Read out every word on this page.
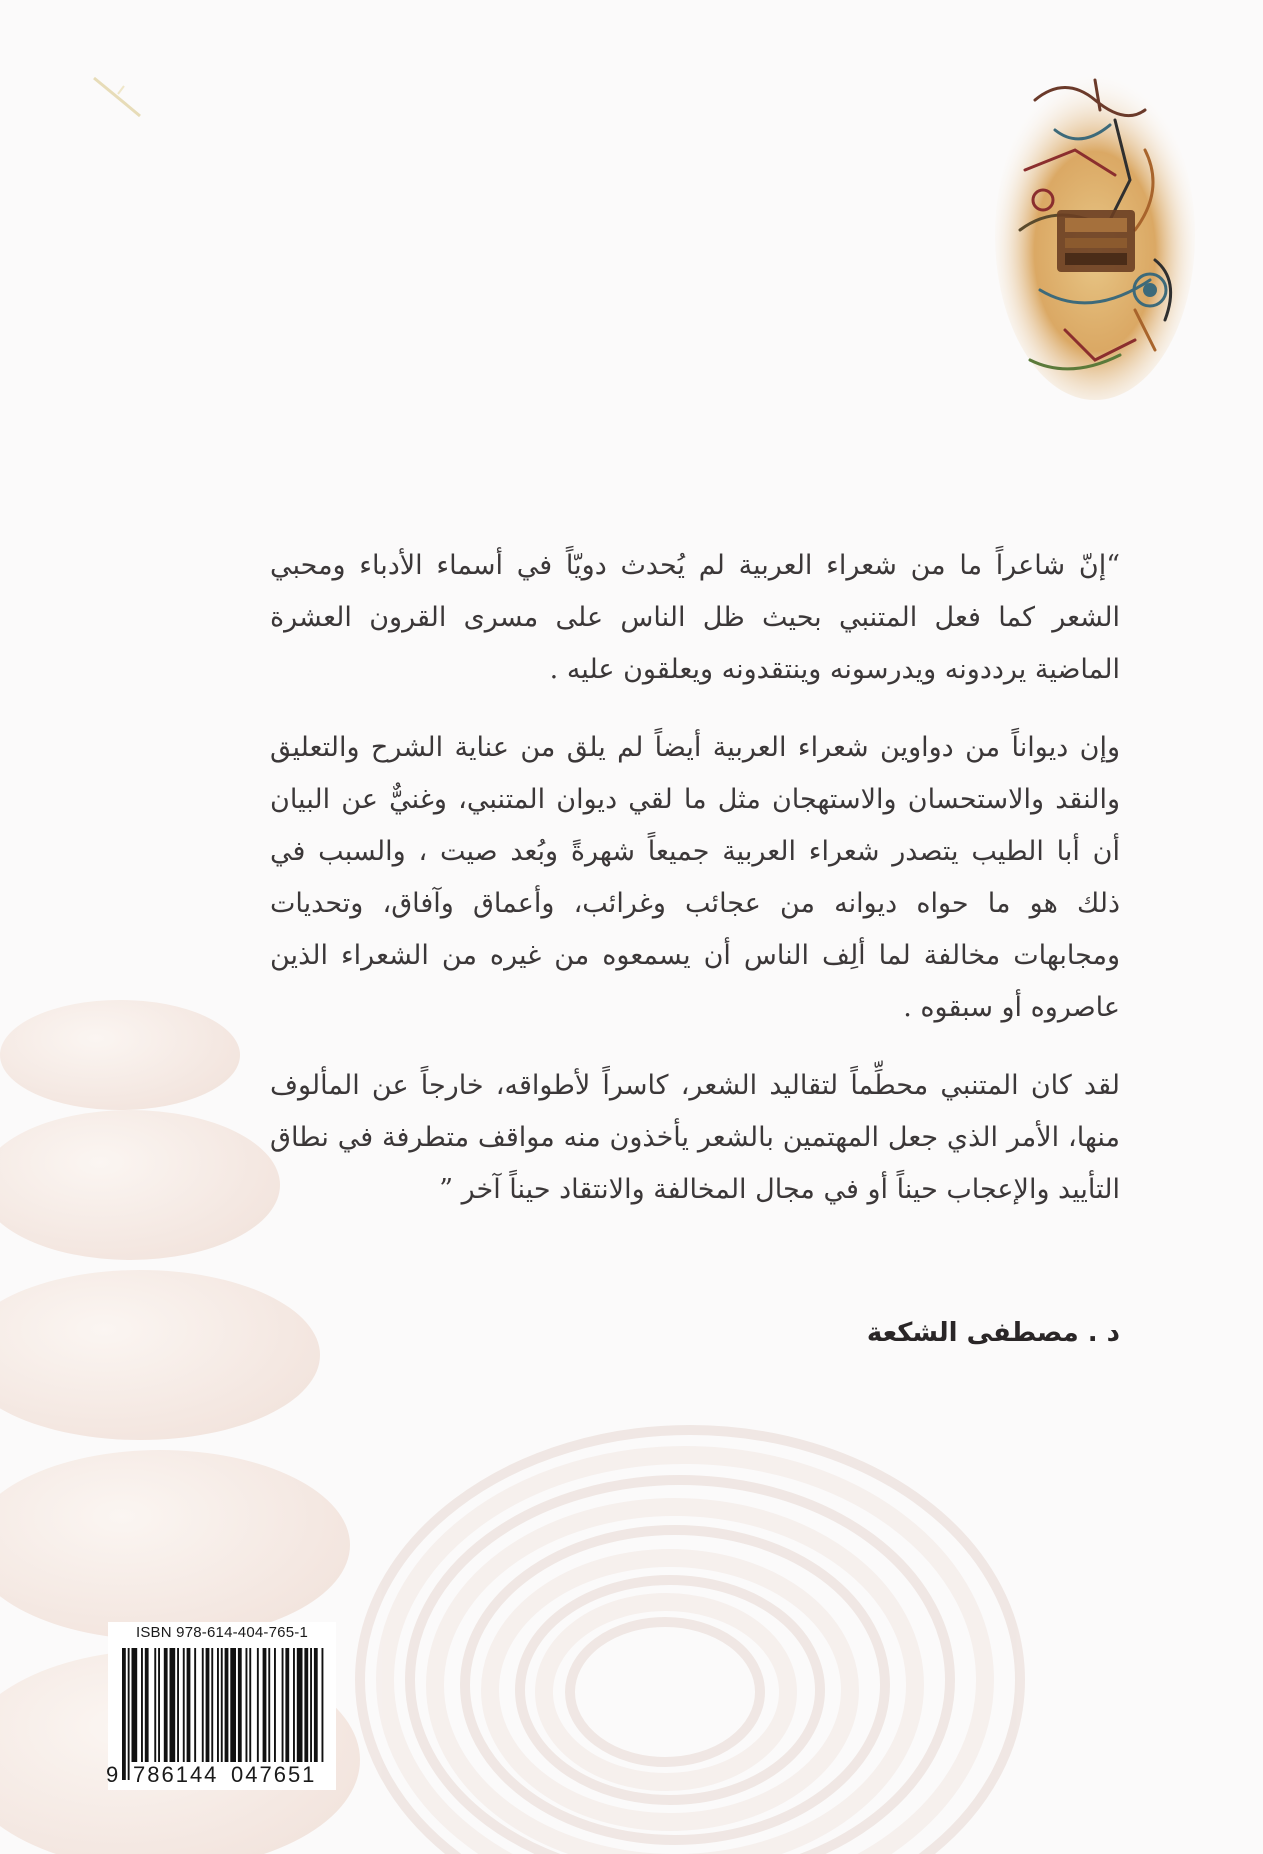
“إنّ شاعراً ما من شعراء العربية لم يُحدث دويّاً في أسماء الأدباء ومحبي الشعر كما فعل المتنبي بحيث ظل الناس على مسرى القرون العشرة الماضية يرددونه ويدرسونه وينتقدونه ويعلقون عليه .

وإن ديواناً من دواوين شعراء العربية أيضاً لم يلق من عناية الشرح والتعليق والنقد والاستحسان والاستهجان مثل ما لقي ديوان المتنبي، وغنيٌّ عن البيان أن أبا الطيب يتصدر شعراء العربية جميعاً شهرةً وبُعد صيت ، والسبب في ذلك هو ما حواه ديوانه من عجائب وغرائب، وأعماق وآفاق، وتحديات ومجابهات مخالفة لما ألِف الناس أن يسمعوه من غيره من الشعراء الذين عاصروه أو سبقوه .

لقد كان المتنبي محطِّماً لتقاليد الشعر، كاسراً لأطواقه، خارجاً عن المألوف منها، الأمر الذي جعل المهتمين بالشعر يأخذون منه مواقف متطرفة في نطاق التأييد والإعجاب حيناً أو في مجال المخالفة والانتقاد حيناً آخر ”

د . مصطفى الشكعة
ISBN 978-614-404-765-1
9 786144 047651
